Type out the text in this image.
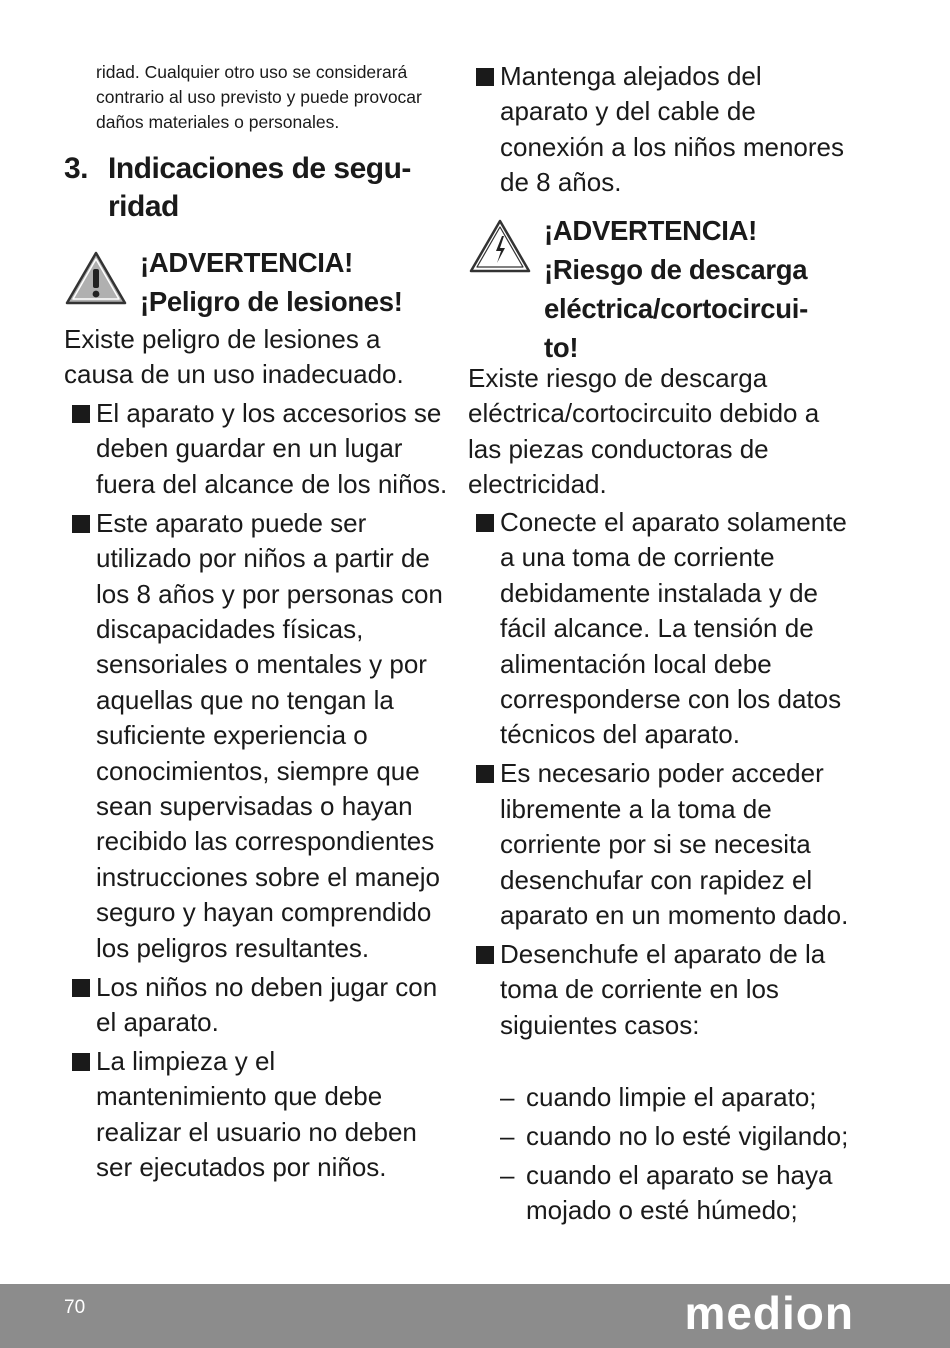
ridad. Cualquier otro uso se considerará contrario al uso previsto y puede provocar daños materiales o personales.
3. Indicaciones de segu-
ridad
¡ADVERTENCIA!
¡Peligro de lesiones!
Existe peligro de lesiones a causa de un uso inadecuado.
El aparato y los accesorios se deben guardar en un lugar fuera del alcance de los niños.
Este aparato puede ser utilizado por niños a partir de los 8 años y por personas con discapacidades físicas, sensoriales o mentales y por aquellas que no tengan la suficiente experiencia o conocimientos, siempre que sean supervisadas o hayan recibido las correspondientes instrucciones sobre el manejo seguro y hayan comprendido los peligros resultantes.
Los niños no deben jugar con el aparato.
La limpieza y el mantenimiento que debe realizar el usuario no deben ser ejecutados por niños.
Mantenga alejados del aparato y del cable de conexión a los niños menores de 8 años.
¡ADVERTENCIA!
¡Riesgo de descarga
eléctrica/cortocircui-
to!
Existe riesgo de descarga eléctrica/cortocircuito debido a las piezas conductoras de electricidad.
Conecte el aparato solamente a una toma de corriente debidamente instalada y de fácil alcance. La tensión de alimentación local debe corresponderse con los datos técnicos del aparato.
Es necesario poder acceder libremente a la toma de corriente por si se necesita desenchufar con rapidez el aparato en un momento dado.
Desenchufe el aparato de la toma de corriente en los siguientes casos:
– cuando limpie el aparato;
– cuando no lo esté vigilando;
– cuando el aparato se haya mojado o esté húmedo;
70	medion
